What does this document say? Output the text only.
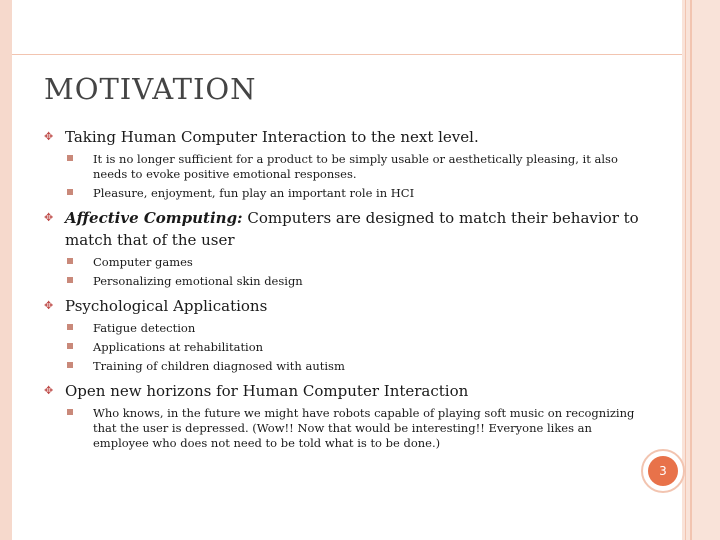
MOTIVATION
✥ Taking Human Computer Interaction to the next level.
It is no longer sufficient for a product to be simply usable or aesthetically pleasing, it also needs to evoke positive emotional responses.
Pleasure, enjoyment, fun play an important role in HCI
✥ Affective Computing: Computers are designed to match their behavior to match that of the user
Computer games
Personalizing emotional skin design
✥ Psychological Applications
Fatigue detection
Applications at rehabilitation
Training of children diagnosed with autism
✥ Open new horizons for Human Computer Interaction
Who knows, in the future we might have robots capable of playing soft music on recognizing that the user is depressed. (Wow!! Now that would be interesting!! Everyone likes an employee who does not need to be told what is to be done.)
3
